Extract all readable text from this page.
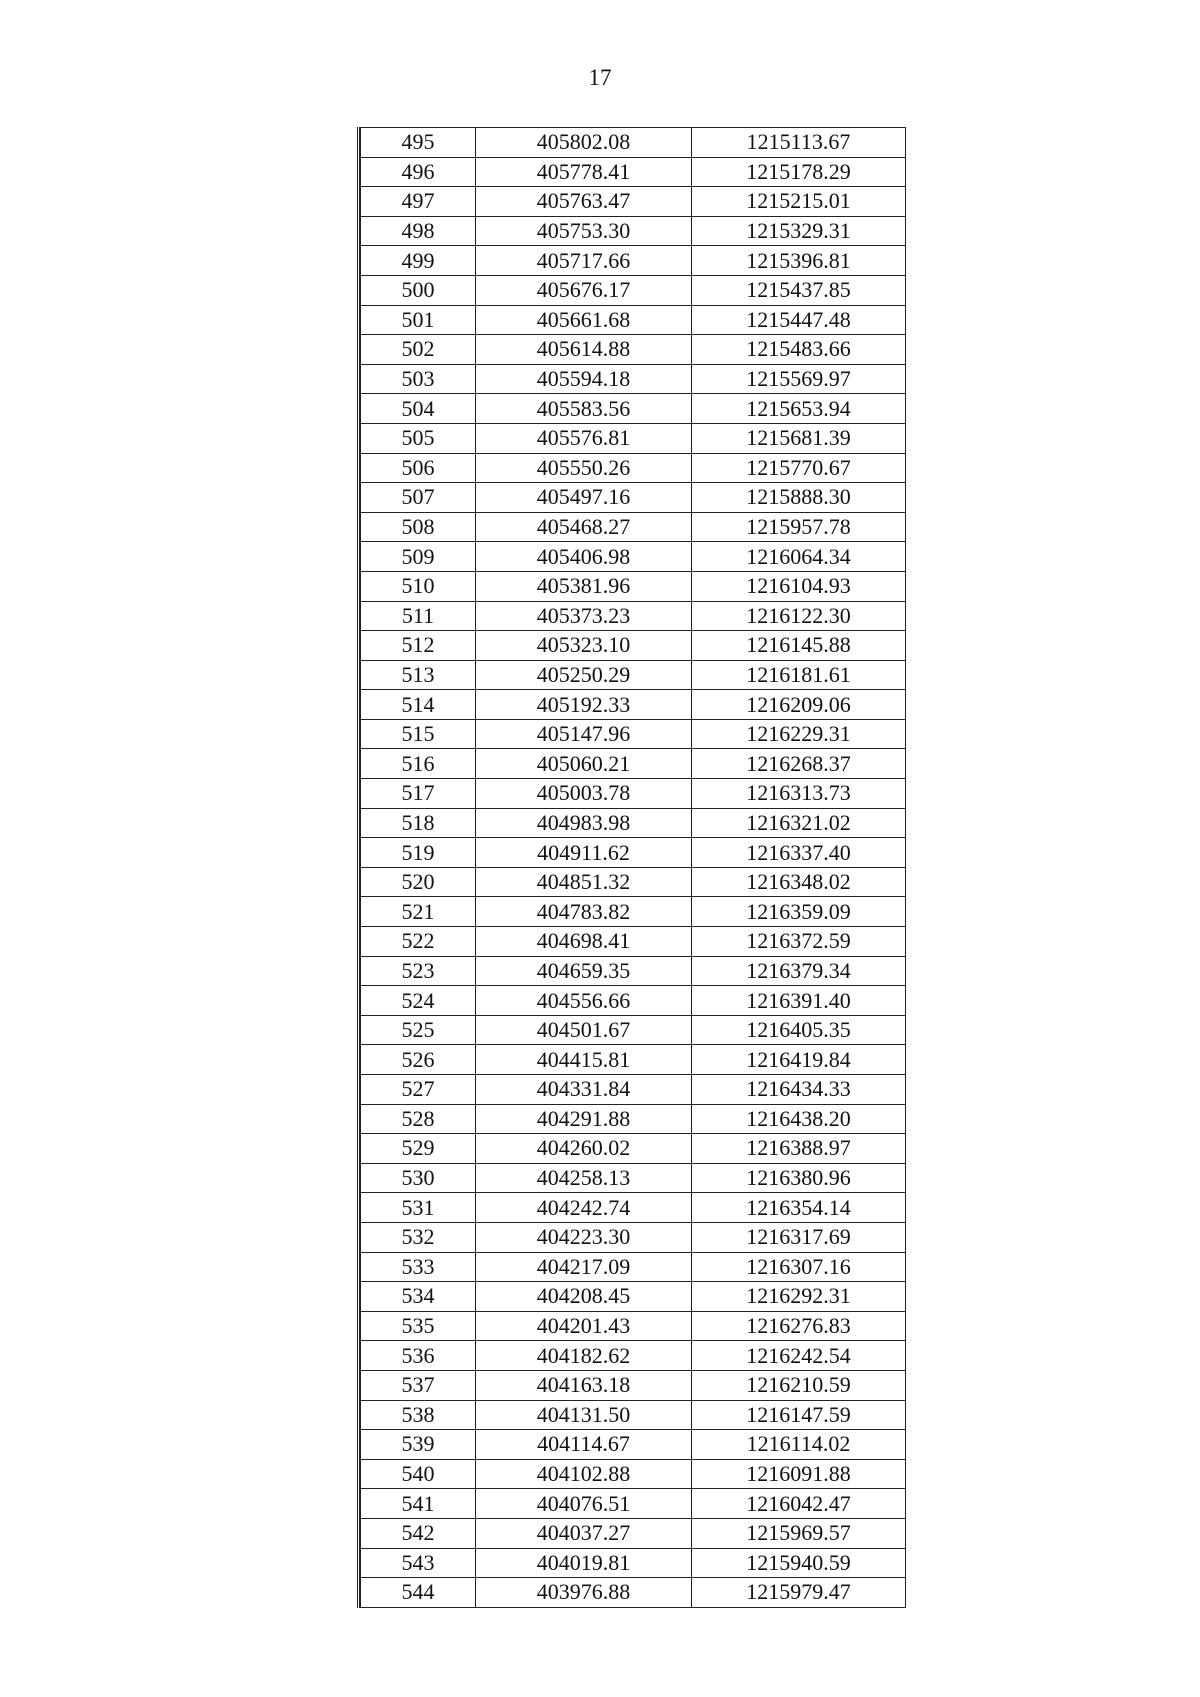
17
495	405802.08	1215113.67
496	405778.41	1215178.29
497	405763.47	1215215.01
498	405753.30	1215329.31
499	405717.66	1215396.81
500	405676.17	1215437.85
501	405661.68	1215447.48
502	405614.88	1215483.66
503	405594.18	1215569.97
504	405583.56	1215653.94
505	405576.81	1215681.39
506	405550.26	1215770.67
507	405497.16	1215888.30
508	405468.27	1215957.78
509	405406.98	1216064.34
510	405381.96	1216104.93
511	405373.23	1216122.30
512	405323.10	1216145.88
513	405250.29	1216181.61
514	405192.33	1216209.06
515	405147.96	1216229.31
516	405060.21	1216268.37
517	405003.78	1216313.73
518	404983.98	1216321.02
519	404911.62	1216337.40
520	404851.32	1216348.02
521	404783.82	1216359.09
522	404698.41	1216372.59
523	404659.35	1216379.34
524	404556.66	1216391.40
525	404501.67	1216405.35
526	404415.81	1216419.84
527	404331.84	1216434.33
528	404291.88	1216438.20
529	404260.02	1216388.97
530	404258.13	1216380.96
531	404242.74	1216354.14
532	404223.30	1216317.69
533	404217.09	1216307.16
534	404208.45	1216292.31
535	404201.43	1216276.83
536	404182.62	1216242.54
537	404163.18	1216210.59
538	404131.50	1216147.59
539	404114.67	1216114.02
540	404102.88	1216091.88
541	404076.51	1216042.47
542	404037.27	1215969.57
543	404019.81	1215940.59
544	403976.88	1215979.47
